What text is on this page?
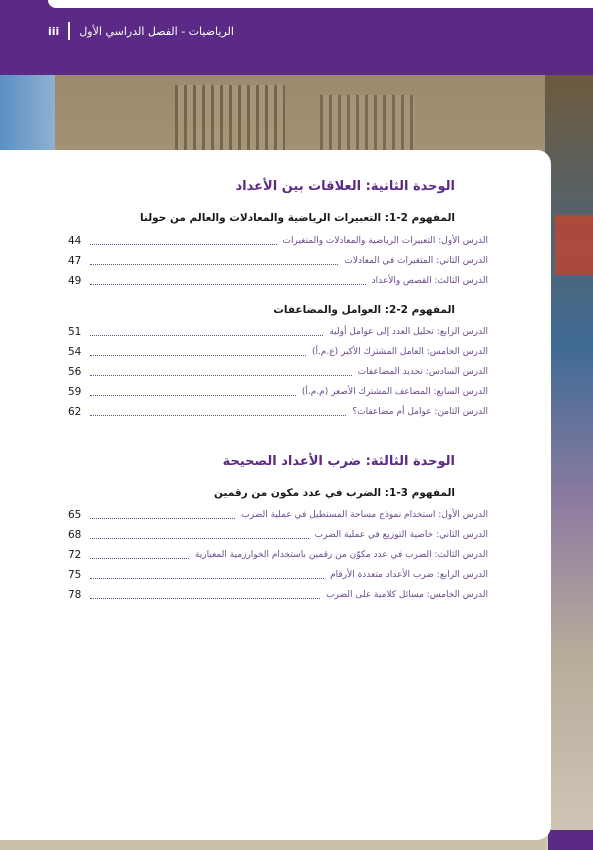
الرياضيات - الفصل الدراسي الأول
iii
الوحدة الثانية: العلاقات بين الأعداد
المفهوم 2-1: التعبيرات الرياضية والمعادلات والعالم من حولنا
الدرس الأول: التعبيرات الرياضية والمعادلات والمتغيرات
44
الدرس الثاني: المتغيرات في المعادلات
47
الدرس الثالث: القصص والأعداد
49
المفهوم 2-2: العوامل والمضاعفات
الدرس الرابع: تحليل العدد إلى عوامل أولية
51
الدرس الخامس: العامل المشترك الأكبر (ع.م.أ)
54
الدرس السادس: تحديد المضاعفات
56
الدرس السابع: المضاعف المشترك الأصغر (م.م.أ)
59
الدرس الثامن: عوامل أم مضاعفات؟
62
الوحدة الثالثة: ضرب الأعداد الصحيحة
المفهوم 3-1: الضرب في عدد مكون من رقمين
الدرس الأول: استخدام نموذج مساحة المستطيل في عملية الضرب
65
الدرس الثاني: خاصية التوزيع في عملية الضرب
68
الدرس الثالث: الضرب في عدد مكوّن من رقمين باستخدام الخوارزمية المعيارية
72
الدرس الرابع: ضرب الأعداد متعددة الأرقام
75
الدرس الخامس: مسائل كلامية على الضرب
78
